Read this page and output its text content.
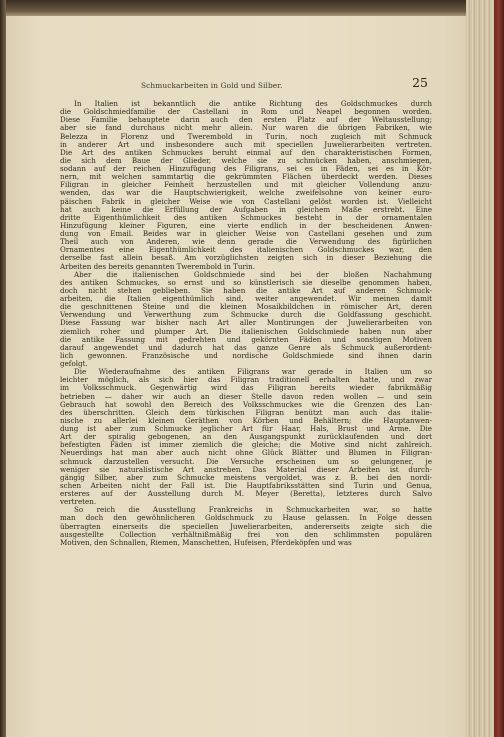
Schmuckarbeiten in Gold und Silber.	25
In Italien ist bekanntlich die antike Richtung des Goldschmuckes durch
die Goldschmiedfamilie der Castellani in Rom und Neapel begonnen worden.
Diese Familie behauptete darin auch den ersten Platz auf der Weltausstellung;
aber sie fand durchaus nicht mehr allein. Nur waren die übrigen Fabriken, wie
Belezza in Florenz und Twerembold in Turin, noch zugleich mit Schmuck
in anderer Art und insbesondere auch mit speciellen Juwelierarbeiten vertreten.
Die Art des antiken Schmuckes beruht einmal auf den charakteristischen Formen,
die sich dem Baue der Glieder, welche sie zu schmücken haben, anschmiegen,
sodann auf der reichen Hinzufügung des Filigrans, sei es in Fäden, sei es in Kör-
nern, mit welchen sammtartig die gekrümmten Flächen überdeckt werden. Dieses
Filigran in gleicher Feinheit herzustellen und mit gleicher Vollendung anzu-
wenden, das war die Hauptschwierigkeit, welche zweifelsohne von keiner euro-
päischen Fabrik in gleicher Weise wie von Castellani gelöst worden ist. Vielleicht
hat auch keine die Erfüllung der Aufgaben in gleichem Maße erstrebt. Eine
dritte Eigenthümlichkeit des antiken Schmuckes besteht in der ornamentalen
Hinzufügung kleiner Figuren, eine vierte endlich in der bescheidenen Anwen-
dung von Email. Beides war in gleicher Weise von Castellani gesehen und zum
Theil auch von Anderen, wie denn gerade die Verwendung des figürlichen
Ornamentes eine Eigenthümlichkeit des italienischen Goldschmuckes war, den
derselbe fast allein besaß. Am vorzüglichsten zeigten sich in dieser Beziehung die
Arbeiten des bereits genannten Twerembold in Turin.
Aber die italienischen Goldschmiede sind bei der bloßen Nachahmung
des antiken Schmuckes, so ernst und so künstlerisch sie dieselbe genommen haben,
doch nicht stehen geblieben. Sie haben die antike Art auf anderen Schmuck-
arbeiten, die Italien eigenthümlich sind, weiter angewendet. Wir meinen damit
die geschnittenen Steine und die kleinen Mosaikbildchen in römischer Art, deren
Verwendung und Verwerthung zum Schmucke durch die Goldfassung geschicht.
Diese Fassung war bisher nach Art aller Montirungen der Juwelierarbeiten von
ziemlich roher und plumper Art. Die italienischen Goldschmiede haben nun aber
die antike Fassung mit gedrehten und gekörnten Fäden und sonstigen Motiven
darauf angewendet und dadurch hat das ganze Genre als Schmuck außerordent-
lich gewonnen. Französische und nordische Goldschmiede sind ihnen darin
gefolgt.
Die Wiederaufnahme des antiken Filigrans war gerade in Italien um so
leichter möglich, als sich hier das Filigran traditionell erhalten hatte, und zwar
im Volksschmuck. Gegenwärtig wird das Filigran bereits wieder fabrikmäßig
betrieben — daher wir auch an dieser Stelle davon reden wollen — und sein
Gebrauch hat sowohl den Bereich des Volksschmuckes wie die Grenzen des Lan-
des überschritten. Gleich dem türkischen Filigran benützt man auch das italie-
nische zu allerlei kleinen Geräthen von Körben und Behältern; die Hauptanwen-
dung ist aber zum Schmucke jeglicher Art für Haar, Hals, Brust und Arme. Die
Art der spiralig gebogenen, an den Ausgangspunkt zurücklaufenden und dort
befestigten Fäden ist immer ziemlich die gleiche; die Motive sind nicht zahlreich.
Neuerdings hat man aber auch nicht ohne Glück Blätter und Blumen in Filigran-
schmuck darzustellen versucht. Die Versuche erscheinen um so gelungener, je
weniger sie naturalistische Art anstreben. Das Material dieser Arbeiten ist durch-
gängig Silber, aber zum Schmucke meistens vergoldet, was z. B. bei den nordi-
schen Arbeiten nicht der Fall ist. Die Hauptfabriksstätten sind Turin und Genua,
ersteres auf der Ausstellung durch M. Meyer (Beretta), letzteres durch Salvo
vertreten.
So reich die Ausstellung Frankreichs in Schmuckarbeiten war, so hatte
man doch den gewöhnlicheren Goldschmuck zu Hause gelassen. In Folge dessen
überragten einerseits die speciellen Juwelierarbeiten, andererseits zeigte sich die
ausgestellte Collection verhältnißmäßig frei von den schlimmsten populären
Motiven, den Schnallen, Riemen, Manschetten, Hufeisen, Pferdeköpfen und was
